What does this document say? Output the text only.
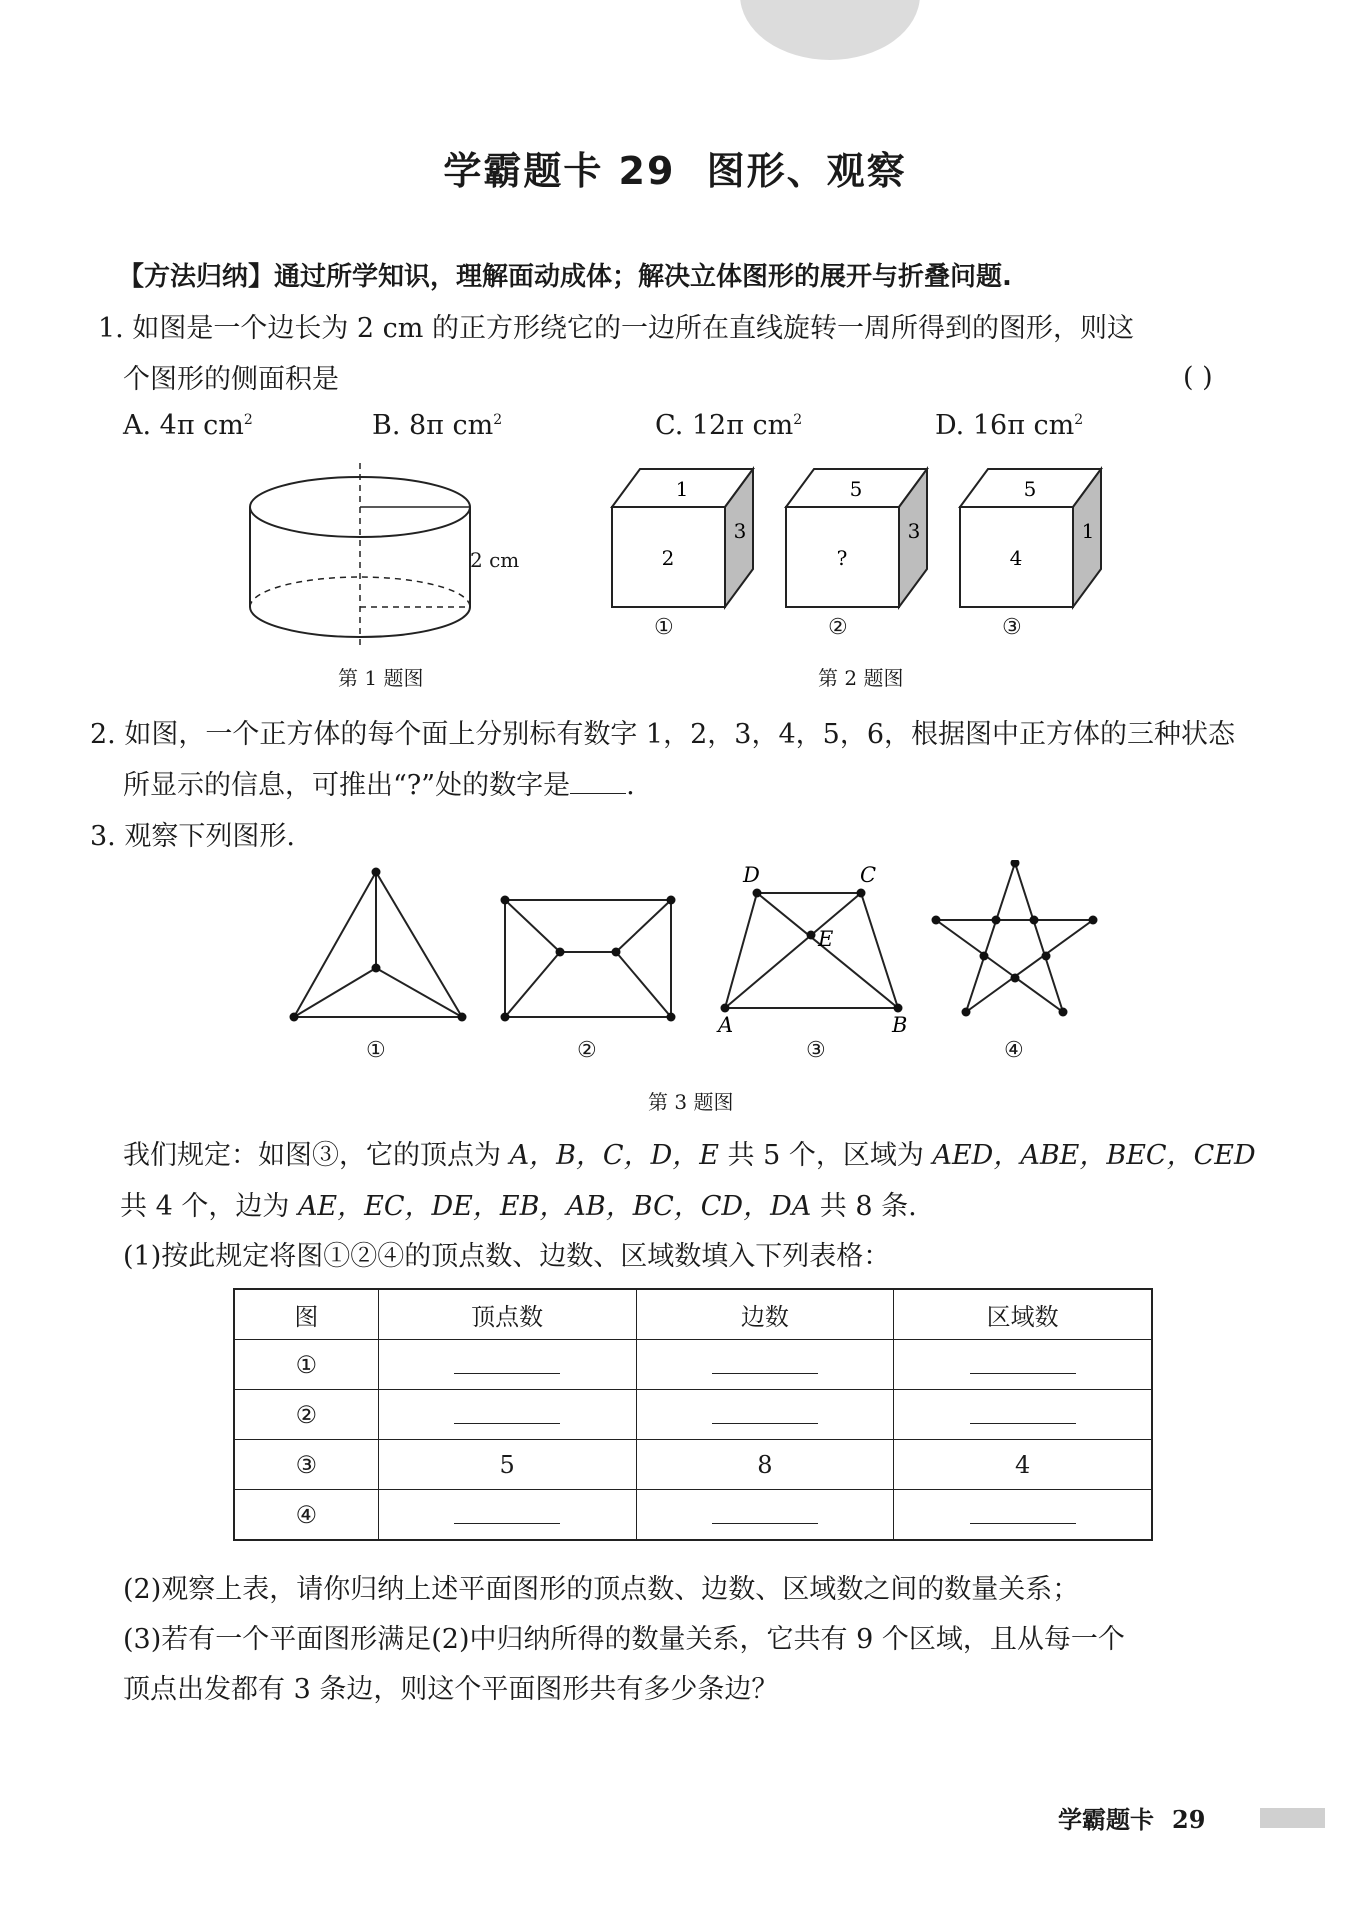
学霸题卡 29 图形、观察
【方法归纳】通过所学知识，理解面动成体；解决立体图形的展开与折叠问题.
1. 如图是一个边长为 2 cm 的正方形绕它的一边所在直线旋转一周所得到的图形，则这
个图形的侧面积是	( )
A. 4π $cm^2$	B. 8π $cm^2$	C. 12π $cm^2$	D. 16π $cm^2$
2 cm
第 1 题图
1
2
3
5
?
3
5
4
1
①	②	③
第 2 题图
2. 如图，一个正方体的每个面上分别标有数字 1，2，3，4，5，6，根据图中正方体的三种状态
所显示的信息，可推出“?”处的数字是 .
3. 观察下列图形.
D	C
E
A	B
①	②	③	④
第 3 题图
我们规定：如图③，它的顶点为 A，B，C，D，E 共 5 个，区域为 AED，ABE，BEC，CED
共 4 个，边为 AE，EC，DE，EB，AB，BC，CD，DA 共 8 条.
(1)按此规定将图①②④的顶点数、边数、区域数填入下列表格：
图	顶点数	边数	区域数
①			
②			
③	5	8	4
④			
(2)观察上表，请你归纳上述平面图形的顶点数、边数、区域数之间的数量关系；
(3)若有一个平面图形满足(2)中归纳所得的数量关系，它共有 9 个区域，且从每一个
顶点出发都有 3 条边，则这个平面图形共有多少条边？
学霸题卡 29
